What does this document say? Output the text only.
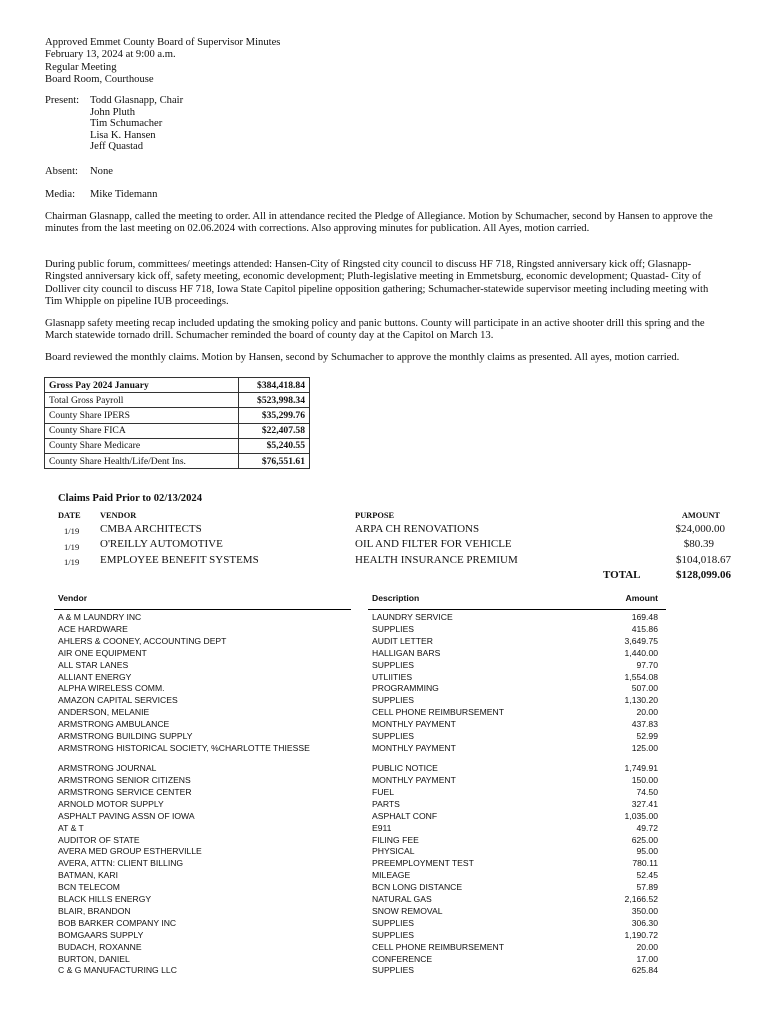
Approved Emmet County Board of Supervisor Minutes
February 13, 2024 at 9:00 a.m.
Regular Meeting
Board Room, Courthouse
Present: Todd Glasnapp, Chair
John Pluth
Tim Schumacher
Lisa K. Hansen
Jeff Quastad
Absent: None
Media: Mike Tidemann
Chairman Glasnapp, called the meeting to order. All in attendance recited the Pledge of Allegiance. Motion by Schumacher, second by Hansen to approve the minutes from the last meeting on 02.06.2024 with corrections. Also approving minutes for publication. All Ayes, motion carried.
During public forum, committees/ meetings attended: Hansen-City of Ringsted city council to discuss HF 718, Ringsted anniversary kick off; Glasnapp-Ringsted anniversary kick off, safety meeting, economic development; Pluth-legislative meeting in Emmetsburg, economic development; Quastad- City of Dolliver city council to discuss HF 718, Iowa State Capitol pipeline opposition gathering; Schumacher-statewide supervisor meeting including meeting with Tim Whipple on pipeline IUB proceedings.
Glasnapp safety meeting recap included updating the smoking policy and panic buttons. County will participate in an active shooter drill this spring and the March statewide tornado drill. Schumacher reminded the board of county day at the Capitol on March 13.
Board reviewed the monthly claims. Motion by Hansen, second by Schumacher to approve the monthly claims as presented. All ayes, motion carried.
Gross Pay 2024 January	$384,418.84
Total Gross Payroll	$523,998.34
County Share IPERS	$35,299.76
County Share FICA	$22,407.58
County Share Medicare	$5,240.55
County Share Health/Life/Dent Ins.	$76,551.61
Claims Paid Prior to 02/13/2024
DATE VENDOR	PURPOSE	AMOUNT
1/19 CMBA ARCHITECTS	ARPA CH RENOVATIONS	$24,000.00
1/19 O'REILLY AUTOMOTIVE	OIL AND FILTER FOR VEHICLE	$80.39
1/19 EMPLOYEE BENEFIT SYSTEMS	HEALTH INSURANCE PREMIUM	$104,018.67
TOTAL	$128,099.06
Vendor	Description	Amount
A & M LAUNDRY INC	LAUNDRY SERVICE	169.48
ACE HARDWARE	SUPPLIES	415.86
AHLERS & COONEY, ACCOUNTING DEPT	AUDIT LETTER	3,649.75
AIR ONE EQUIPMENT	HALLIGAN BARS	1,440.00
ALL STAR LANES	SUPPLIES	97.70
ALLIANT ENERGY	UTLIITIES	1,554.08
ALPHA WIRELESS COMM.	PROGRAMMING	507.00
AMAZON CAPITAL SERVICES	SUPPLIES	1,130.20
ANDERSON, MELANIE	CELL PHONE REIMBURSEMENT	20.00
ARMSTRONG AMBULANCE	MONTHLY PAYMENT	437.83
ARMSTRONG BUILDING SUPPLY	SUPPLIES	52.99
ARMSTRONG HISTORICAL SOCIETY, %CHARLOTTE THIESSE	MONTHLY PAYMENT	125.00
ARMSTRONG JOURNAL	PUBLIC NOTICE	1,749.91
ARMSTRONG SENIOR CITIZENS	MONTHLY PAYMENT	150.00
ARMSTRONG SERVICE CENTER	FUEL	74.50
ARNOLD MOTOR SUPPLY	PARTS	327.41
ASPHALT PAVING ASSN OF IOWA	ASPHALT CONF	1,035.00
AT & T	E911	49.72
AUDITOR OF STATE	FILING FEE	625.00
AVERA MED GROUP ESTHERVILLE	PHYSICAL	95.00
AVERA, ATTN: CLIENT BILLING	PREEMPLOYMENT TEST	780.11
BATMAN, KARI	MILEAGE	52.45
BCN TELECOM	BCN LONG DISTANCE	57.89
BLACK HILLS ENERGY	NATURAL GAS	2,166.52
BLAIR, BRANDON	SNOW REMOVAL	350.00
BOB BARKER COMPANY INC	SUPPLIES	306.30
BOMGAARS SUPPLY	SUPPLIES	1,190.72
BUDACH, ROXANNE	CELL PHONE REIMBURSEMENT	20.00
BURTON, DANIEL	CONFERENCE	17.00
C & G MANUFACTURING LLC	SUPPLIES	625.84
